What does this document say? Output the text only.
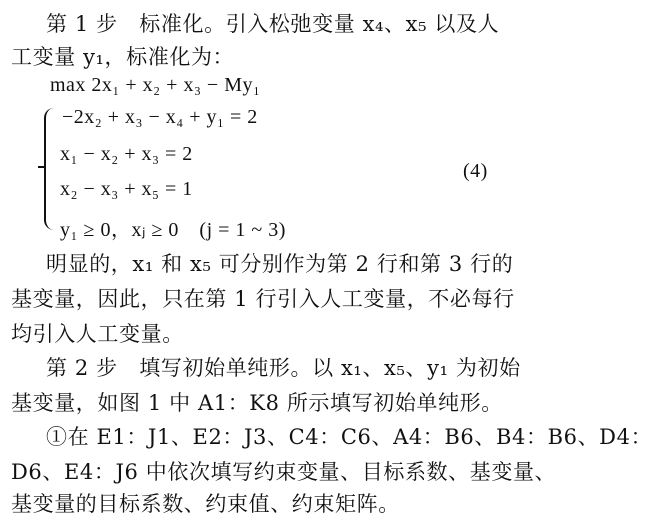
第 1 步　标准化。引入松弛变量 x₄、x₅ 以及人
工变量 y₁，标准化为：
max 2x₁ + x₂ + x₃ − My₁
−2x₂ + x₃ − x₄ + y₁ = 2
x₁ − x₂ + x₃ = 2
x₂ − x₃ + x₅ = 1
y₁ ≥ 0，xⱼ ≥ 0　(j = 1 ~ 3)
(4)
明显的，x₁ 和 x₅ 可分别作为第 2 行和第 3 行的
基变量，因此，只在第 1 行引入人工变量，不必每行
均引入人工变量。
第 2 步　填写初始单纯形。以 x₁、x₅、y₁ 为初始
基变量，如图 1 中 A1：K8 所示填写初始单纯形。
①在 E1：J1、E2：J3、C4：C6、A4：B6、B4：B6、D4：
D6、E4：J6 中依次填写约束变量、目标系数、基变量、
基变量的目标系数、约束值、约束矩阵。
